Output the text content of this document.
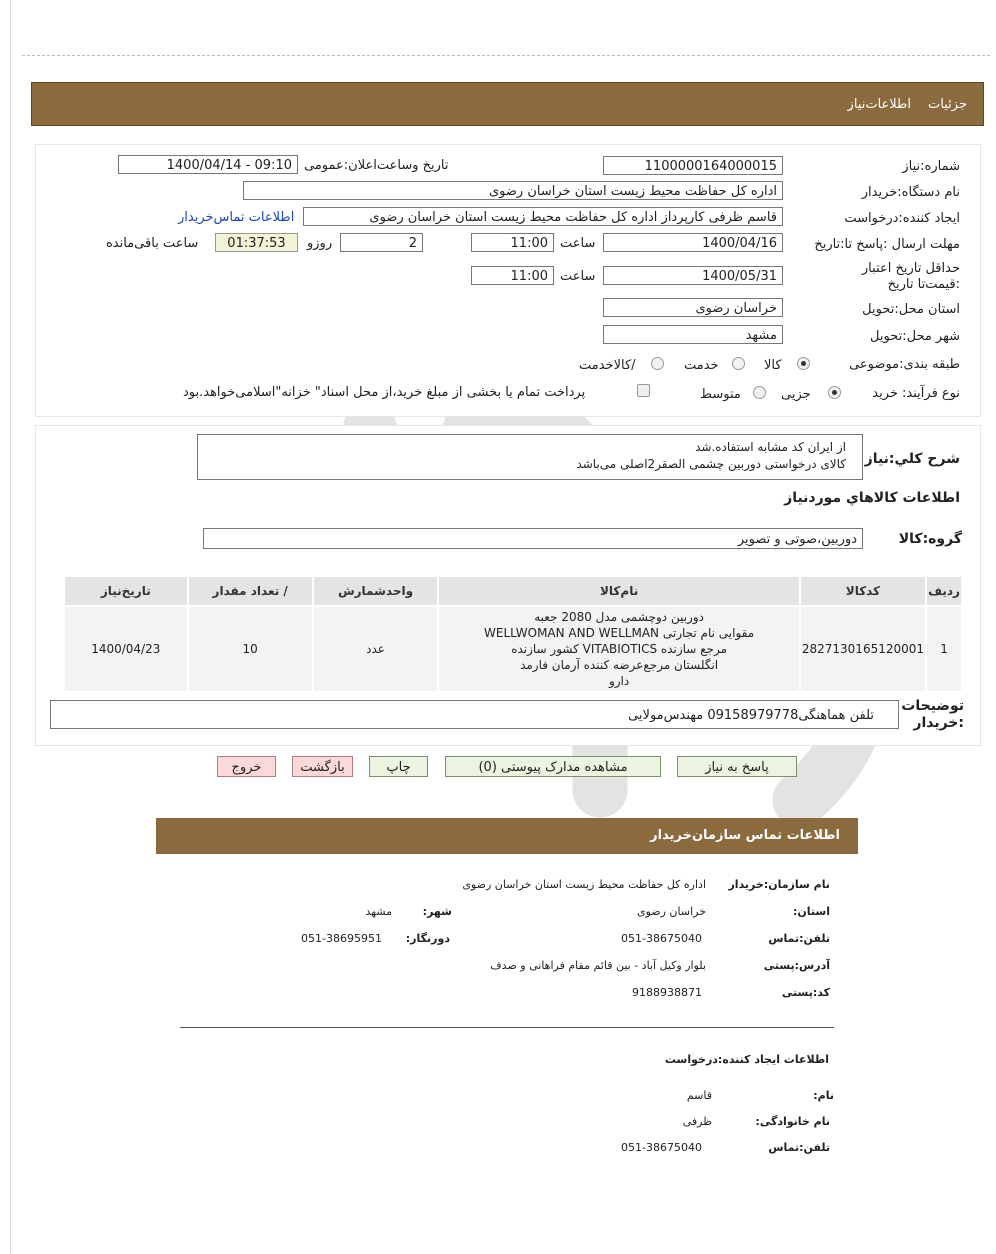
جزئیات
اطلاعات‌نیاز
شماره:نیاز
1100000164000015
تاریخ وساعت‌اعلان:عمومی
1400/04/14 - 09:10
نام دستگاه:خریدار
اداره کل حفاظت محیط زیست استان خراسان رضوی
ایجاد کننده:درخواست
قاسم ظرفی کارپرداز اداره کل حفاظت محیط زیست استان خراسان رضوی
اطلاعات تماس‌خریدار
مهلت ارسال :پاسخ تا:تاریخ
1400/04/16
ساعت
11:00
2
روزو
01:37:53
ساعت باقی‌مانده
حداقل تاریخ اعتبار :قیمت‌تا تاریخ
1400/05/31
ساعت
11:00
استان محل:تحویل
خراسان رضوی
شهر محل:تحویل
مشهد
طبقه بندی:موضوعی
کالا
خدمت
/کالاخدمت
نوع فرآیند: خرید
جزیی
متوسط
پرداخت تمام یا بخشی از مبلغ خرید،از محل اسناد" خزانه"اسلامی‌خواهد.بود
شرح کلي:نياز
از ایران کد مشابه استفاده.شد
کالای درخواستی دوربین چشمی الصقر2اصلی می‌باشد
اطلاعات کالاهاي موردنياز
گروه:کالا
دوربین،صوتی و تصویر
ردیف	کدکالا	نام‌کالا	واحدشمارش	/ تعداد مقدار	تاریخ‌نیاز
1	2827130165120001	دوربین دوچشمی مدل 2080 جعبه
مقوایی نام تجارتی WELLWOMAN AND WELLMAN
مرجع سازنده VITABIOTICS کشور سازنده
انگلستان مرجع‌عرضه کننده آرمان فارمد
دارو	عدد	10	1400/04/23
توضیحات :خریدار
تلفن هماهنگی09158979778 مهندس‌مولایی
پاسخ به نیاز
مشاهده مدارک پیوستی (0)
چاپ
بازگشت
خروج
اطلاعات تماس سازمان‌خریدار
نام سازمان:خریدار
اداره کل حفاظت محیط زیست استان خراسان رضوی
استان:
خراسان رضوی
شهر:
مشهد
تلفن:تماس
051-38675040
دورنگار:
051-38695951
آدرس:پستی
بلوار وکیل آباد - بین قائم مقام فراهانی و صدف
کد:پستی
9188938871
اطلاعات ایجاد کننده:درخواست
نام:
قاسم
نام خانوادگی:
ظرفی
تلفن:تماس
051-38675040
